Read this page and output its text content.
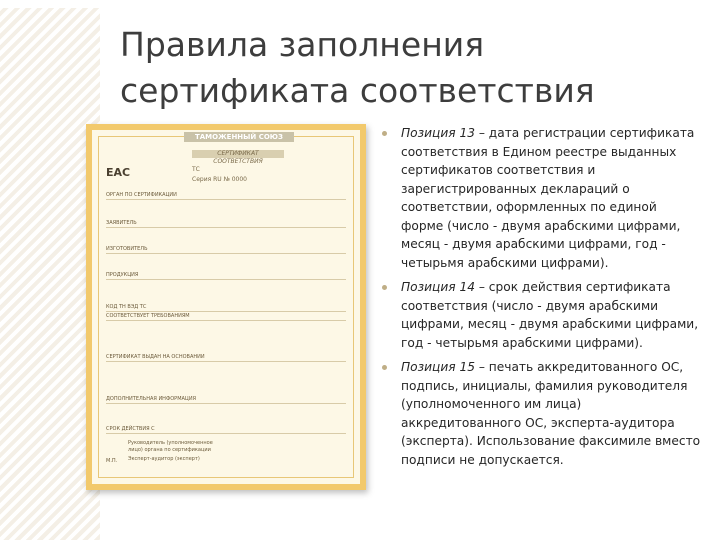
Правила заполнения сертификата соответствия
ТАМОЖЕННЫЙ СОЮЗ
СЕРТИФИКАТ СООТВЕТСТВИЯ
EAC	ТС
Серия RU № 0000
ОРГАН ПО СЕРТИФИКАЦИИ
ЗАЯВИТЕЛЬ
ИЗГОТОВИТЕЛЬ
ПРОДУКЦИЯ
КОД ТН ВЭД ТС
СООТВЕТСТВУЕТ ТРЕБОВАНИЯМ
СЕРТИФИКАТ ВЫДАН НА ОСНОВАНИИ
ДОПОЛНИТЕЛЬНАЯ ИНФОРМАЦИЯ
СРОК ДЕЙСТВИЯ С
Руководитель (уполномоченное лицо) органа по сертификации
Эксперт-аудитор (эксперт)
М.П.
Позиция 13 – дата регистрации сертификата соответствия в Едином реестре выданных сертификатов соответствия и зарегистрированных деклараций о соответствии, оформленных по единой форме (число - двумя арабскими цифрами, месяц - двумя арабскими цифрами, год - четырьмя арабскими цифрами).
Позиция 14 – срок действия сертификата соответствия (число - двумя арабскими цифрами, месяц - двумя арабскими цифрами, год - четырьмя арабскими цифрами).
Позиция 15 – печать аккредитованного ОС, подпись, инициалы, фамилия руководителя (уполномоченного им лица) аккредитованного ОС, эксперта-аудитора (эксперта). Использование факсимиле вместо подписи не допускается.
